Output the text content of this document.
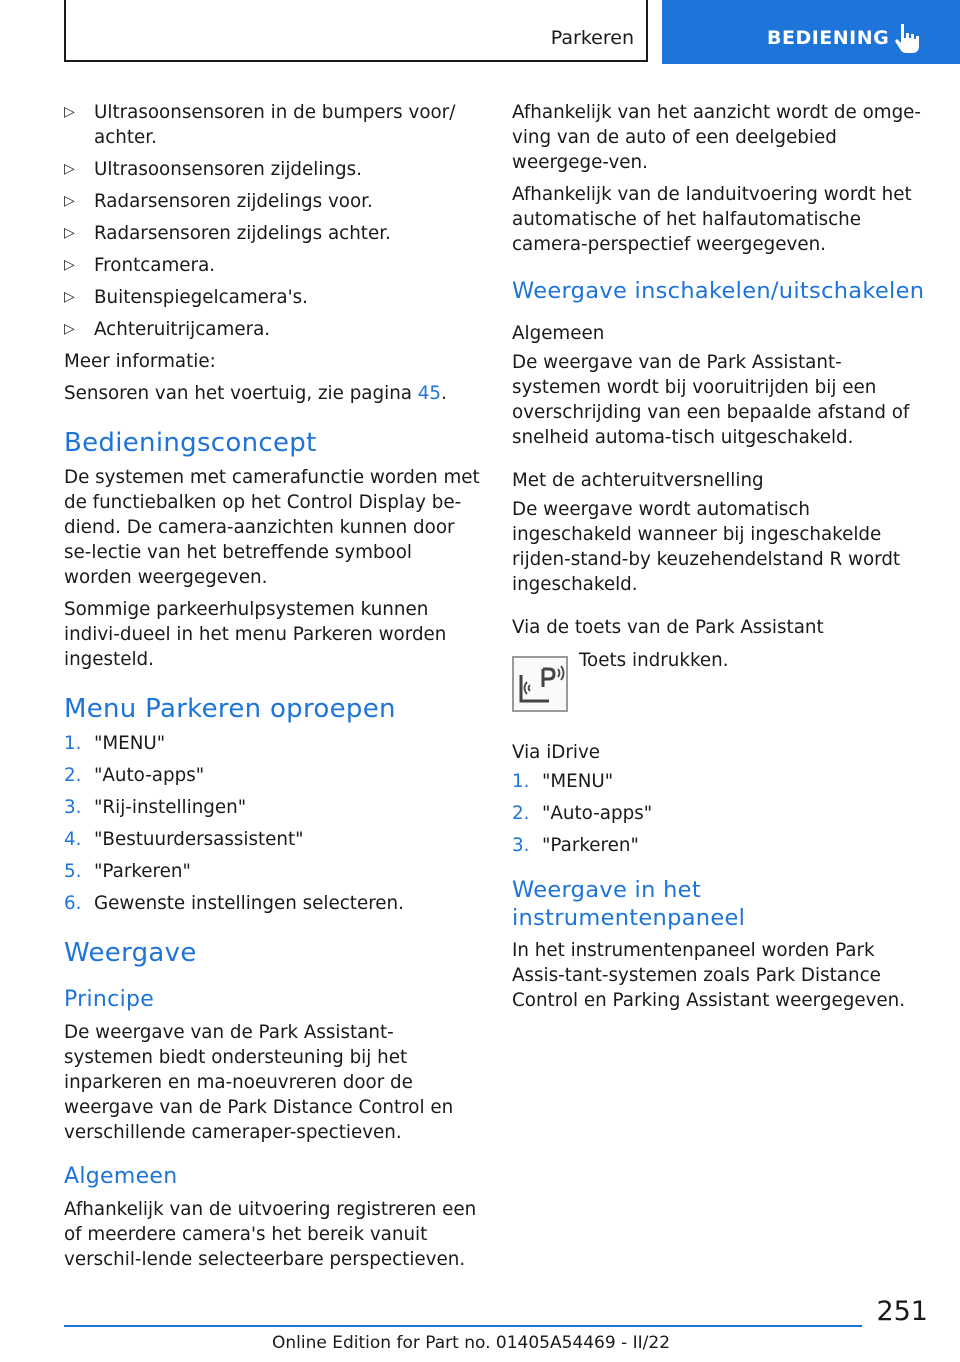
Parkeren	BEDIENING
▷ Ultrasoonsensoren in de bumpers voor/ achter.
▷ Ultrasoonsensoren zijdelings.
▷ Radarsensoren zijdelings voor.
▷ Radarsensoren zijdelings achter.
▷ Frontcamera.
▷ Buitenspiegelcamera's.
▷ Achteruitrijcamera.

Meer informatie:

Sensoren van het voertuig, zie pagina 45.

Bedieningsconcept

De systemen met camerafunctie worden met de functiebalken op het Control Display be-diend. De camera-aanzichten kunnen door se-lectie van het betreffende symbool worden weergegeven.

Sommige parkeerhulpsystemen kunnen indivi-dueel in het menu Parkeren worden ingesteld.

Menu Parkeren oproepen
1. "MENU"
2. "Auto-apps"
3. "Rij-instellingen"
4. "Bestuurdersassistent"
5. "Parkeren"
6. Gewenste instellingen selecteren.
Weergave
Principe

De weergave van de Park Assistant-systemen biedt ondersteuning bij het inparkeren en ma-noeuvreren door de weergave van de Park Distance Control en verschillende cameraper-spectieven.

Algemeen

Afhankelijk van de uitvoering registreren een of meerdere camera's het bereik vanuit verschil-lende selecteerbare perspectieven.

Afhankelijk van het aanzicht wordt de omge-ving van de auto of een deelgebied weergege-ven.

Afhankelijk van de landuitvoering wordt het automatische of het halfautomatische camera-perspectief weergegeven.

Weergave inschakelen/uitschakelen
Algemeen

De weergave van de Park Assistant-systemen wordt bij vooruitrijden bij een overschrijding van een bepaalde afstand of snelheid automa-tisch uitgeschakeld.

Met de achteruitversnelling

De weergave wordt automatisch ingeschakeld wanneer bij ingeschakelde rijden-stand-by keuzehendelstand R wordt ingeschakeld.

Via de toets van de Park Assistant
Toets indrukken.
Via iDrive
1. "MENU"
2. "Auto-apps"
3. "Parkeren"
Weergave in het instrumentenpaneel

In het instrumentenpaneel worden Park Assis-tant-systemen zoals Park Distance Control en Parking Assistant weergegeven.

251
Online Edition for Part no. 01405A54469 - II/22
